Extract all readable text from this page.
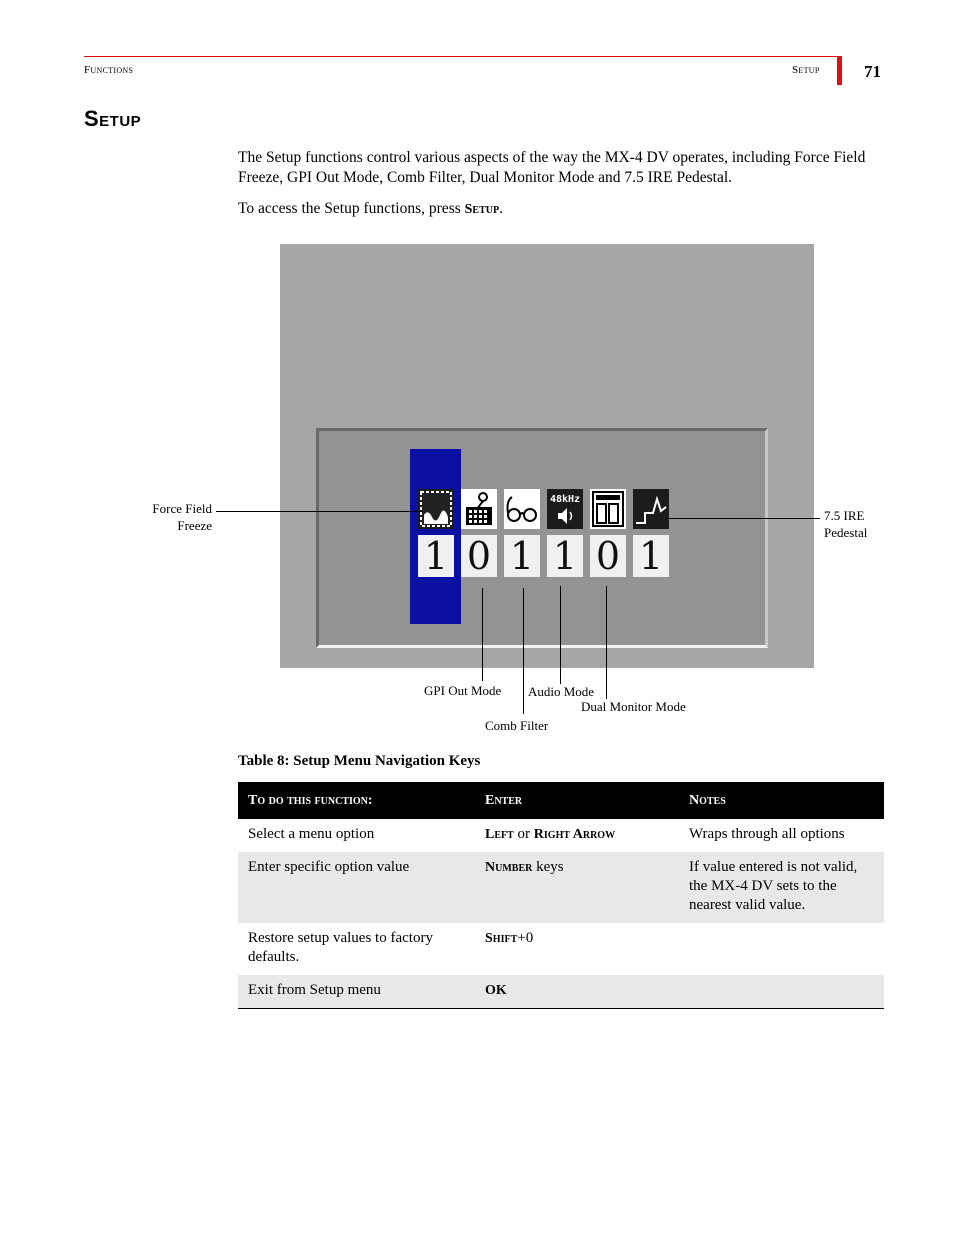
Functions	Setup	71
Setup
The Setup functions control various aspects of the way the MX-4 DV operates, including Force Field Freeze, GPI Out Mode, Comb Filter, Dual Monitor Mode and 7.5 IRE Pedestal.
To access the Setup functions, press Setup.
48kHz
1 0 1 1 0 1
Force Field
Freeze
7.5 IRE
Pedestal
GPI Out Mode Audio Mode
Dual Monitor Mode
Comb Filter
Table 8: Setup Menu Navigation Keys
To do this function:	Enter	Notes
Select a menu option	Left or Right Arrow	Wraps through all options
Enter specific option value	Number keys	If value entered is not valid, the MX-4 DV sets to the nearest valid value.
Restore setup values to factory defaults.	Shift+0	
Exit from Setup menu	OK	
